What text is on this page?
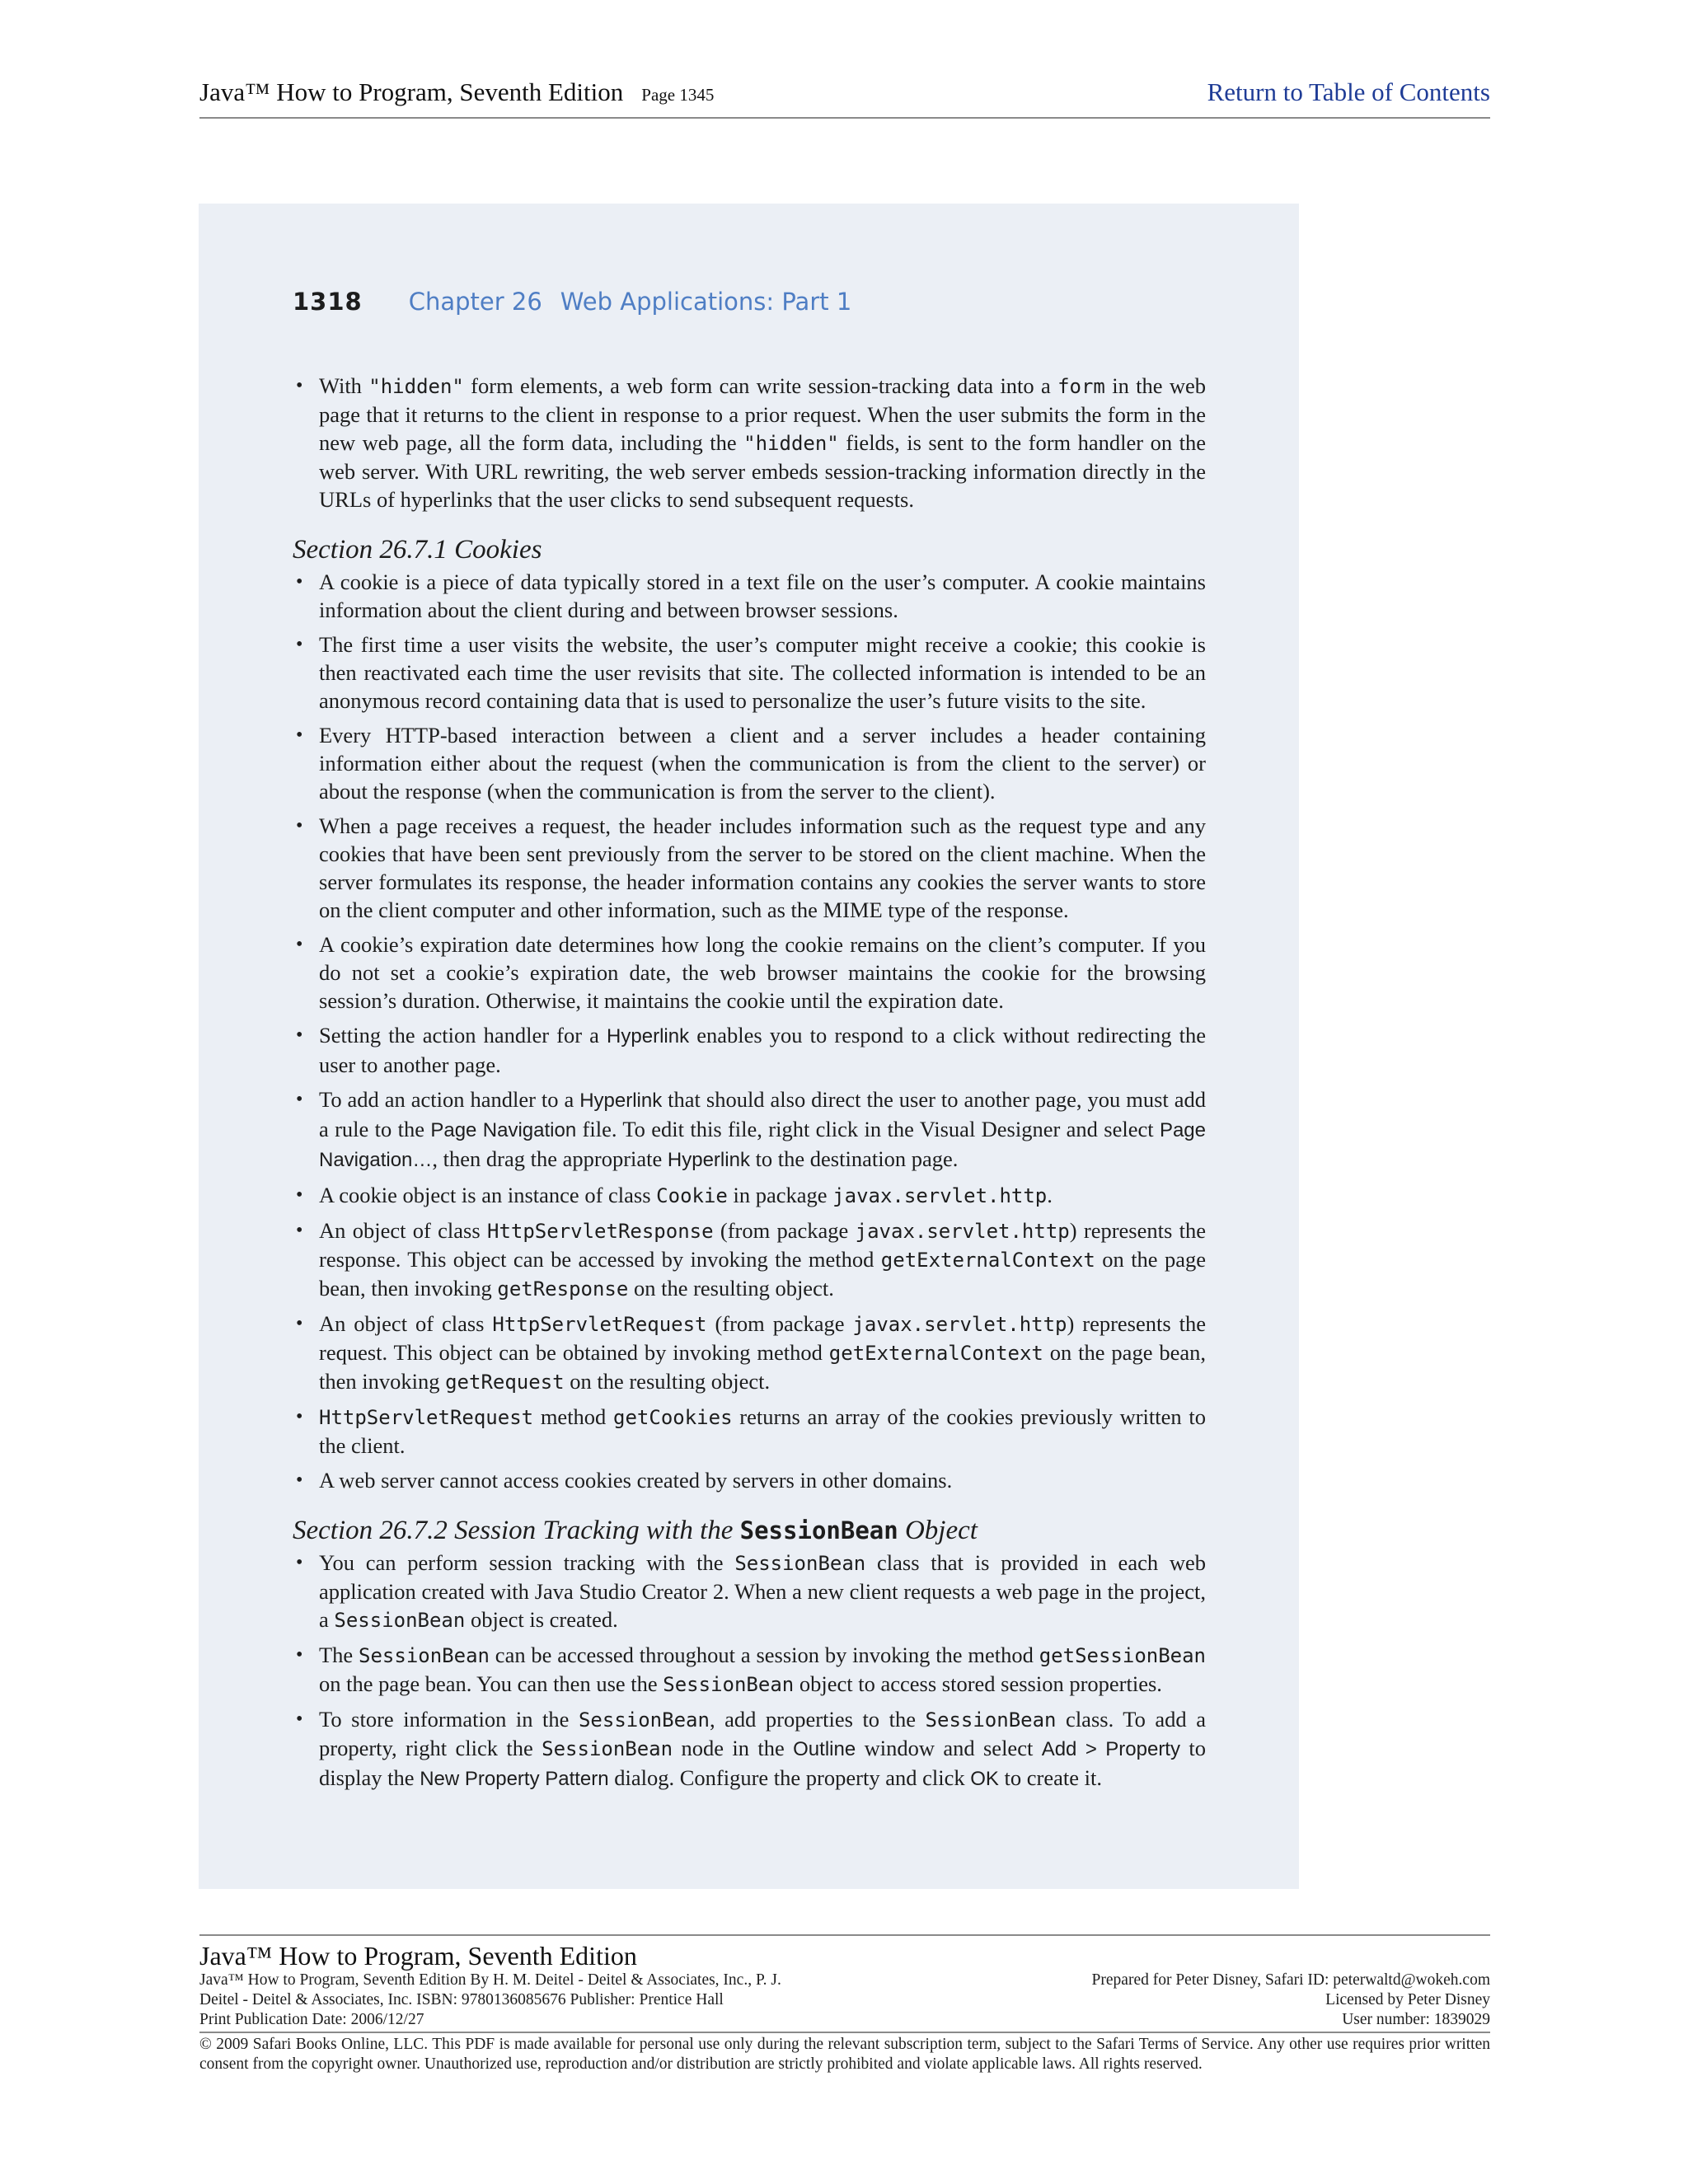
Java™ How to Program, Seventh Edition Page 1345	Return to Table of Contents
1318 Chapter 26 Web Applications: Part 1
• With "hidden" form elements, a web form can write session-tracking data into a form in the web page that it returns to the client in response to a prior request. When the user submits the form in the new web page, all the form data, including the "hidden" fields, is sent to the form handler on the web server. With URL rewriting, the web server embeds session-tracking information directly in the URLs of hyperlinks that the user clicks to send subsequent requests.
Section 26.7.1 Cookies
• A cookie is a piece of data typically stored in a text file on the user’s computer. A cookie maintains information about the client during and between browser sessions.
• The first time a user visits the website, the user’s computer might receive a cookie; this cookie is then reactivated each time the user revisits that site. The collected information is intended to be an anonymous record containing data that is used to personalize the user’s future visits to the site.
• Every HTTP-based interaction between a client and a server includes a header containing information either about the request (when the communication is from the client to the server) or about the response (when the communication is from the server to the client).
• When a page receives a request, the header includes information such as the request type and any cookies that have been sent previously from the server to be stored on the client machine. When the server formulates its response, the header information contains any cookies the server wants to store on the client computer and other information, such as the MIME type of the response.
• A cookie’s expiration date determines how long the cookie remains on the client’s computer. If you do not set a cookie’s expiration date, the web browser maintains the cookie for the browsing session’s duration. Otherwise, it maintains the cookie until the expiration date.
• Setting the action handler for a Hyperlink enables you to respond to a click without redirecting the user to another page.
• To add an action handler to a Hyperlink that should also direct the user to another page, you must add a rule to the Page Navigation file. To edit this file, right click in the Visual Designer and select Page Navigation…, then drag the appropriate Hyperlink to the destination page.
• A cookie object is an instance of class Cookie in package javax.servlet.http.
• An object of class HttpServletResponse (from package javax.servlet.http) represents the response. This object can be accessed by invoking the method getExternalContext on the page bean, then invoking getResponse on the resulting object.
• An object of class HttpServletRequest (from package javax.servlet.http) represents the request. This object can be obtained by invoking method getExternalContext on the page bean, then invoking getRequest on the resulting object.
• HttpServletRequest method getCookies returns an array of the cookies previously written to the client.
• A web server cannot access cookies created by servers in other domains.
Section 26.7.2 Session Tracking with the SessionBean Object
• You can perform session tracking with the SessionBean class that is provided in each web application created with Java Studio Creator 2. When a new client requests a web page in the project, a SessionBean object is created.
• The SessionBean can be accessed throughout a session by invoking the method getSessionBean on the page bean. You can then use the SessionBean object to access stored session properties.
• To store information in the SessionBean, add properties to the SessionBean class. To add a property, right click the SessionBean node in the Outline window and select Add > Property to display the New Property Pattern dialog. Configure the property and click OK to create it.
Java™ How to Program, Seventh Edition
Java™ How to Program, Seventh Edition By H. M. Deitel - Deitel & Associates, Inc., P. J.	Prepared for Peter Disney, Safari ID: peterwaltd@wokeh.com
Deitel - Deitel & Associates, Inc. ISBN: 9780136085676 Publisher: Prentice Hall	Licensed by Peter Disney
Print Publication Date: 2006/12/27	User number: 1839029
© 2009 Safari Books Online, LLC. This PDF is made available for personal use only during the relevant subscription term, subject to the Safari Terms of Service. Any other use requires prior written consent from the copyright owner. Unauthorized use, reproduction and/or distribution are strictly prohibited and violate applicable laws. All rights reserved.
